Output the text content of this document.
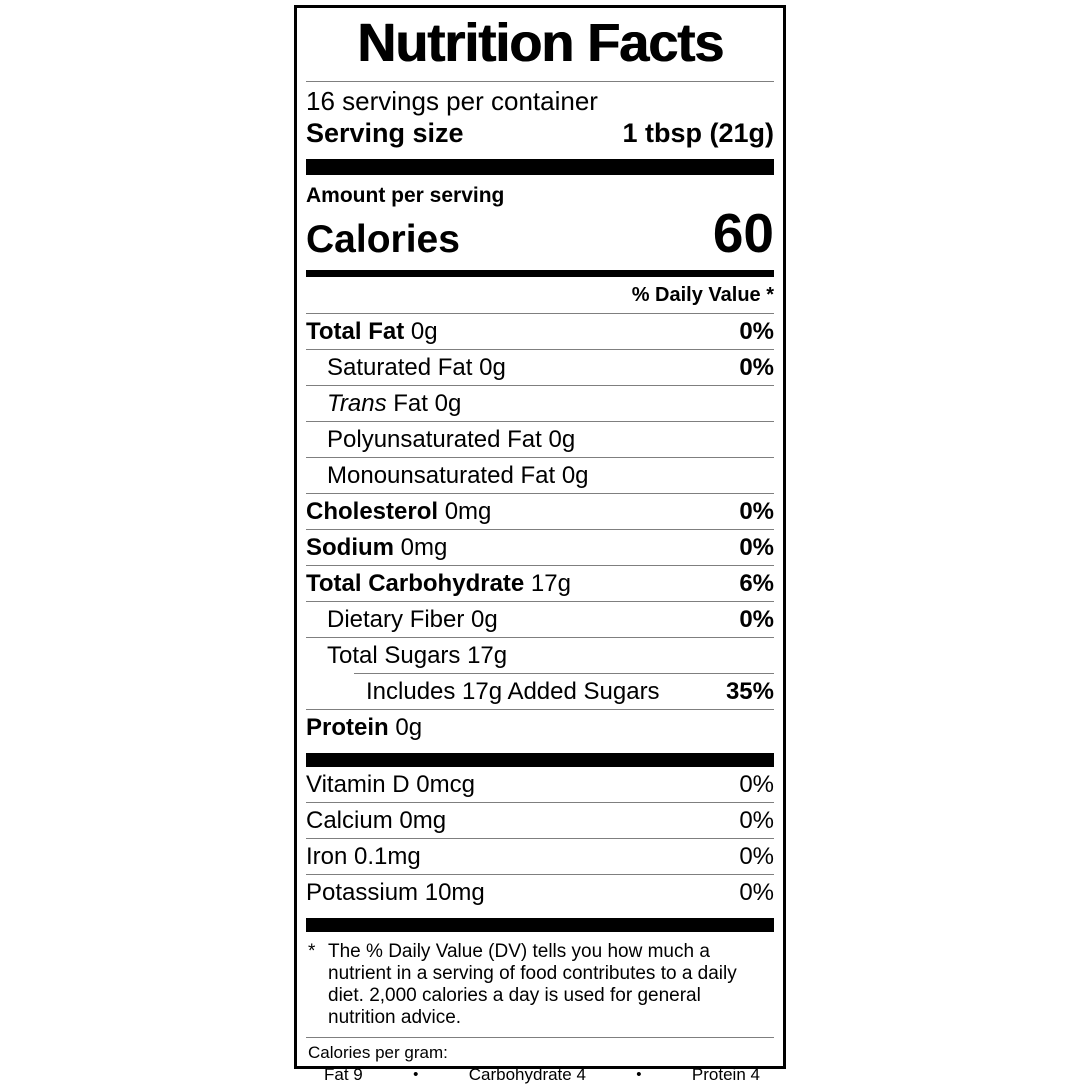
Nutrition Facts
16 servings per container
Serving size	1 tbsp (21g)
Amount per serving
Calories	60
% Daily Value *
Total Fat 0g	0%
Saturated Fat 0g	0%
Trans Fat 0g
Polyunsaturated Fat 0g
Monounsaturated Fat 0g
Cholesterol 0mg	0%
Sodium 0mg	0%
Total Carbohydrate 17g	6%
Dietary Fiber 0g	0%
Total Sugars 17g
Includes 17g Added Sugars	35%
Protein 0g
Vitamin D 0mcg	0%
Calcium 0mg	0%
Iron 0.1mg	0%
Potassium 10mg	0%
* The % Daily Value (DV) tells you how much a nutrient in a serving of food contributes to a daily diet. 2,000 calories a day is used for general nutrition advice.
Calories per gram:
Fat 9	•	Carbohydrate 4	•	Protein 4
